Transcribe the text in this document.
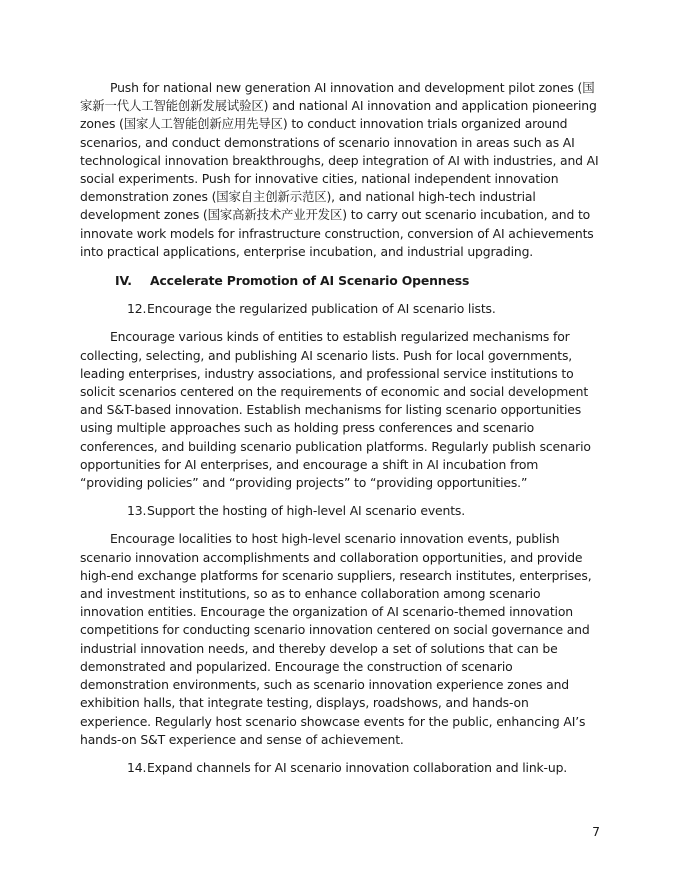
Push for national new generation AI innovation and development pilot zones (国家新一代人工智能创新发展试验区) and national AI innovation and application pioneering zones (国家人工智能创新应用先导区) to conduct innovation trials organized around scenarios, and conduct demonstrations of scenario innovation in areas such as AI technological innovation breakthroughs, deep integration of AI with industries, and AI social experiments. Push for innovative cities, national independent innovation demonstration zones (国家自主创新示范区), and national high-tech industrial development zones (国家高新技术产业开发区) to carry out scenario incubation, and to innovate work models for infrastructure construction, conversion of AI achievements into practical applications, enterprise incubation, and industrial upgrading.

IV.	Accelerate Promotion of AI Scenario Openness
12. Encourage the regularized publication of AI scenario lists.

Encourage various kinds of entities to establish regularized mechanisms for collecting, selecting, and publishing AI scenario lists. Push for local governments, leading enterprises, industry associations, and professional service institutions to solicit scenarios centered on the requirements of economic and social development and S&T-based innovation. Establish mechanisms for listing scenario opportunities using multiple approaches such as holding press conferences and scenario conferences, and building scenario publication platforms. Regularly publish scenario opportunities for AI enterprises, and encourage a shift in AI incubation from “providing policies” and “providing projects” to “providing opportunities.”

13. Support the hosting of high-level AI scenario events.

Encourage localities to host high-level scenario innovation events, publish scenario innovation accomplishments and collaboration opportunities, and provide high-end exchange platforms for scenario suppliers, research institutes, enterprises, and investment institutions, so as to enhance collaboration among scenario innovation entities. Encourage the organization of AI scenario-themed innovation competitions for conducting scenario innovation centered on social governance and industrial innovation needs, and thereby develop a set of solutions that can be demonstrated and popularized. Encourage the construction of scenario demonstration environments, such as scenario innovation experience zones and exhibition halls, that integrate testing, displays, roadshows, and hands-on experience. Regularly host scenario showcase events for the public, enhancing AI’s hands-on S&T experience and sense of achievement.

14. Expand channels for AI scenario innovation collaboration and link-up.
7
